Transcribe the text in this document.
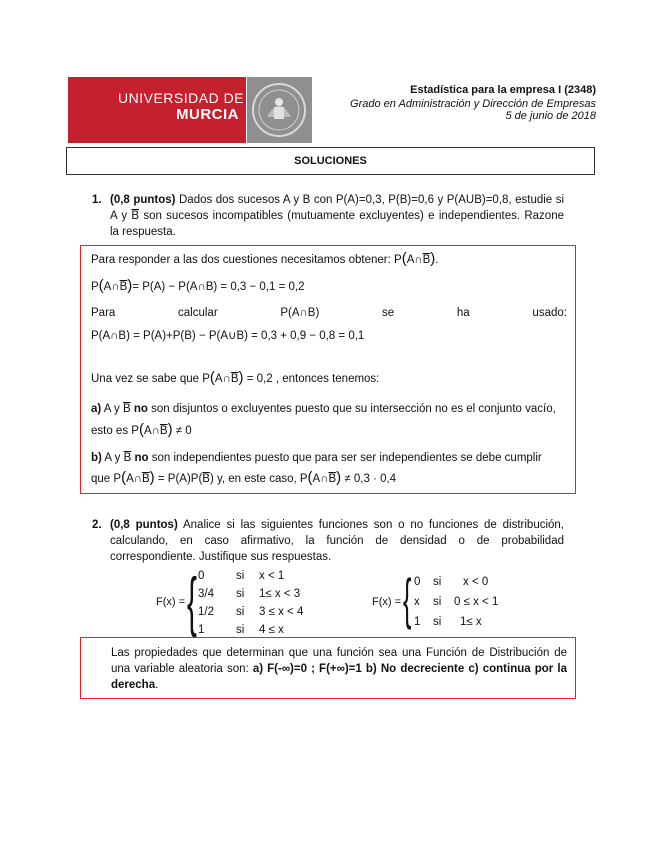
UNIVERSIDAD DE
MURCIA
Estadística para la empresa I (2348)
Grado en Administración y Dirección de Empresas
5 de junio de 2018
SOLUCIONES
1. (0,8 puntos) Dados dos sucesos A y B con P(A)=0,3, P(B)=0,6 y P(AUB)=0,8, estudie si A y $\overline{B}$ son sucesos incompatibles (mutuamente excluyentes) e independientes. Razone la respuesta.
Para responder a las dos cuestiones necesitamos obtener: $P(A\cap\overline{B})$.
$P(A\cap\overline{B})= P(A)$ − P(A∩B) = 0,3 − 0,1 = 0,2
Para	calcular	P(A∩B)	se	ha	usado:
P(A∩B) = P(A)+P(B) − P(A∪B) = 0,3 + 0,9 − 0,8 = 0,1
Una vez se sabe que $P(A\cap\overline{B}) = 0,2$ , entonces tenemos:
a) A y $\overline{B}$ no son disjuntos o excluyentes puesto que su intersección no es el conjunto vacío,
esto es $P(A\cap\overline{B}) \ne 0$
b) A y $\overline{B}$ no son independientes puesto que para ser ser independientes se debe cumplir
que $P(A\cap\overline{B}) = P(A)P(\overline{B})$ y, en este caso, $P(A\cap\overline{B}) \ne 0,3 \cdot 0,4$
2. (0,8 puntos) Analice si las siguientes funciones son o no funciones de distribución, calculando, en caso afirmativo, la función de densidad o de probabilidad correspondiente. Justifique sus respuestas.
F(x) = { 0	si x < 1
3/4 si 1≤ x < 3
1/2 si 3 ≤ x < 4
1	si 4 ≤ x
F(x) = { 0 si x < 0
x si 0 ≤ x < 1
1 si 1≤ x
Las propiedades que determinan que una función sea una Función de Distribución de una variable aleatoria son: a) F(-∞)=0 ; F(+∞)=1 b) No decreciente c) continua por la derecha.
